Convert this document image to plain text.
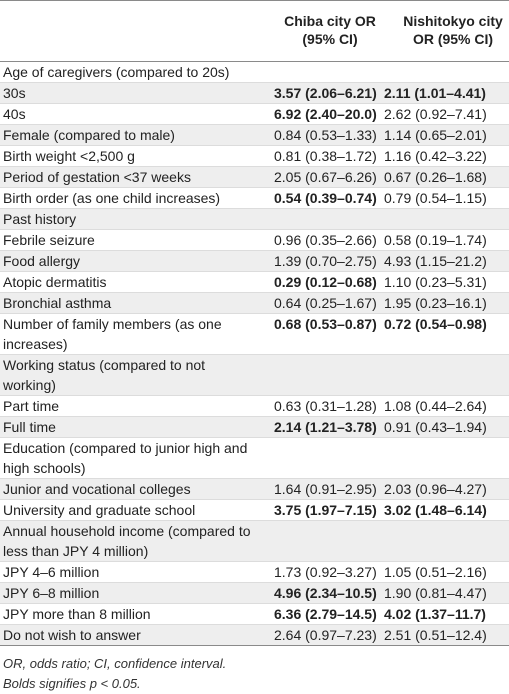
Chiba city OR
(95% CI)
Nishitokyo city
OR (95% CI)
Age of caregivers (compared to 20s)
30s	3.57 (2.06–6.21) 2.11 (1.01–4.41)
40s	6.92 (2.40–20.0) 2.62 (0.92–7.41)
Female (compared to male)	0.84 (0.53–1.33) 1.14 (0.65–2.01)
Birth weight <2,500 g	0.81 (0.38–1.72) 1.16 (0.42–3.22)
Period of gestation <37 weeks	2.05 (0.67–6.26) 0.67 (0.26–1.68)
Birth order (as one child increases)	0.54 (0.39–0.74) 0.79 (0.54–1.15)
Past history
Febrile seizure	0.96 (0.35–2.66) 0.58 (0.19–1.74)
Food allergy	1.39 (0.70–2.75) 4.93 (1.15–21.2)
Atopic dermatitis	0.29 (0.12–0.68) 1.10 (0.23–5.31)
Bronchial asthma	0.64 (0.25–1.67) 1.95 (0.23–16.1)
Number of family members (as one increases)
0.68 (0.53–0.87) 0.72 (0.54–0.98)
Working status (compared to not working)
Part time	0.63 (0.31–1.28) 1.08 (0.44–2.64)
Full time	2.14 (1.21–3.78) 0.91 (0.43–1.94)
Education (compared to junior high and high schools)
Junior and vocational colleges	1.64 (0.91–2.95) 2.03 (0.96–4.27)
University and graduate school	3.75 (1.97–7.15) 3.02 (1.48–6.14)
Annual household income (compared to less than JPY 4 million)
JPY 4–6 million	1.73 (0.92–3.27) 1.05 (0.51–2.16)
JPY 6–8 million	4.96 (2.34–10.5) 1.90 (0.81–4.47)
JPY more than 8 million	6.36 (2.79–14.5) 4.02 (1.37–11.7)
Do not wish to answer	2.64 (0.97–7.23) 2.51 (0.51–12.4)
OR, odds ratio; CI, confidence interval.
Bolds signifies p < 0.05.
